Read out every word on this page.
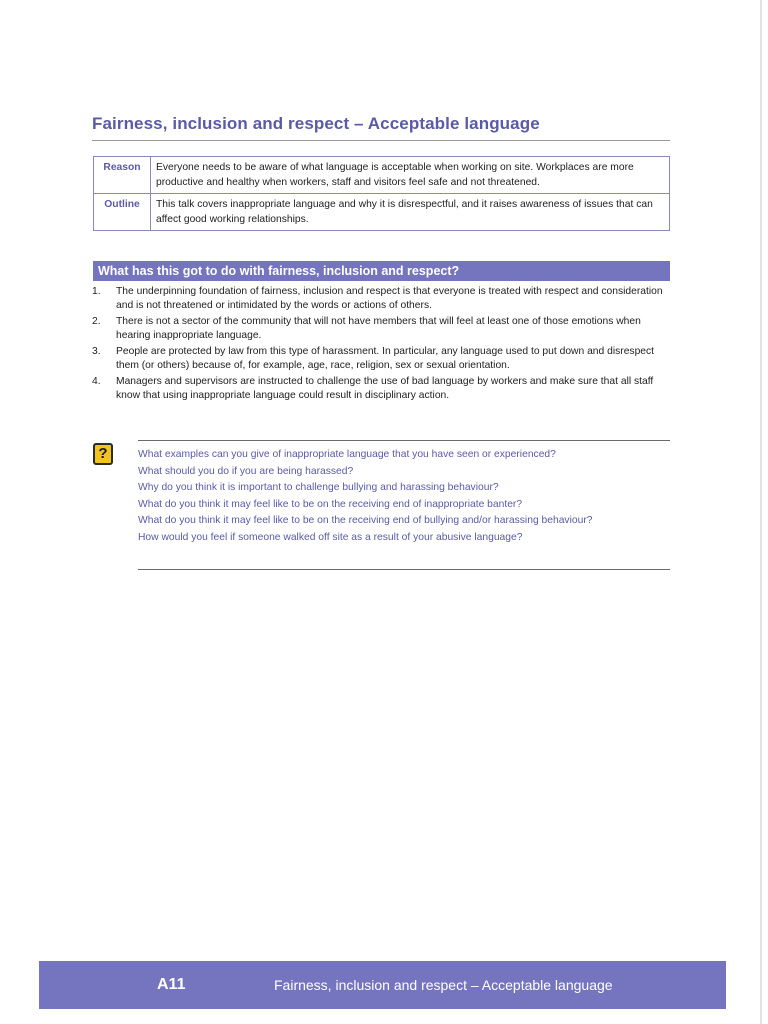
Fairness, inclusion and respect – Acceptable language
Reason	Everyone needs to be aware of what language is acceptable when working on site. Workplaces are more productive and healthy when workers, staff and visitors feel safe and not threatened.
Outline	This talk covers inappropriate language and why it is disrespectful, and it raises awareness of issues that can affect good working relationships.
What has this got to do with fairness, inclusion and respect?
1.	The underpinning foundation of fairness, inclusion and respect is that everyone is treated with respect and consideration and is not threatened or intimidated by the words or actions of others.
2.	There is not a sector of the community that will not have members that will feel at least one of those emotions when hearing inappropriate language.
3.	People are protected by law from this type of harassment. In particular, any language used to put down and disrespect them (or others) because of, for example, age, race, religion, sex or sexual orientation.
4.	Managers and supervisors are instructed to challenge the use of bad language by workers and make sure that all staff know that using inappropriate language could result in disciplinary action.
?	What examples can you give of inappropriate language that you have seen or experienced?
What should you do if you are being harassed?
Why do you think it is important to challenge bullying and harassing behaviour?
What do you think it may feel like to be on the receiving end of inappropriate banter?
What do you think it may feel like to be on the receiving end of bullying and/or harassing behaviour?
How would you feel if someone walked off site as a result of your abusive language?
A11	Fairness, inclusion and respect – Acceptable language
